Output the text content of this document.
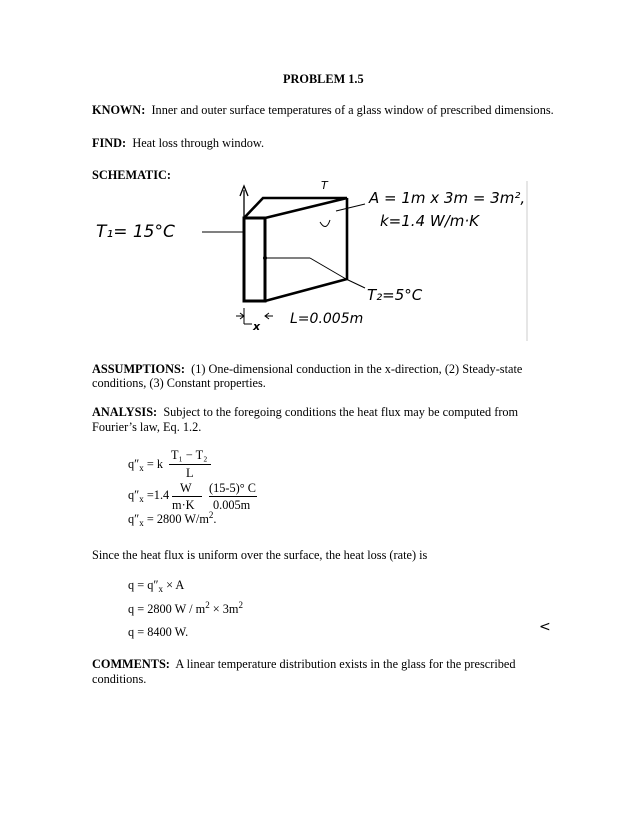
PROBLEM 1.5
KNOWN: Inner and outer surface temperatures of a glass window of prescribed dimensions.
FIND: Heat loss through window.
SCHEMATIC:
T
T₁= 15°C
A = 1m x 3m = 3m²,
k=1.4 W/m·K
T₂=5°C
L=0.005m
x
ASSUMPTIONS: (1) One-dimensional conduction in the x-direction, (2) Steady-state
conditions, (3) Constant properties.
ANALYSIS: Subject to the foregoing conditions the heat flux may be computed from
Fourier’s law, Eq. 1.2.
$q''_x = k$
T₁ − T₂
L
$q''_x =1.4$ W
m·K
(15-5)° C
0.005m
$q''_x = 2800$ $W/m^2$.
Since the heat flux is uniform over the surface, the heat loss (rate) is
$q = q''_x \times A$
q = 2800 $W / m^2 \times 3m^2$
q = 8400 W.	<
COMMENTS: A linear temperature distribution exists in the glass for the prescribed
conditions.
